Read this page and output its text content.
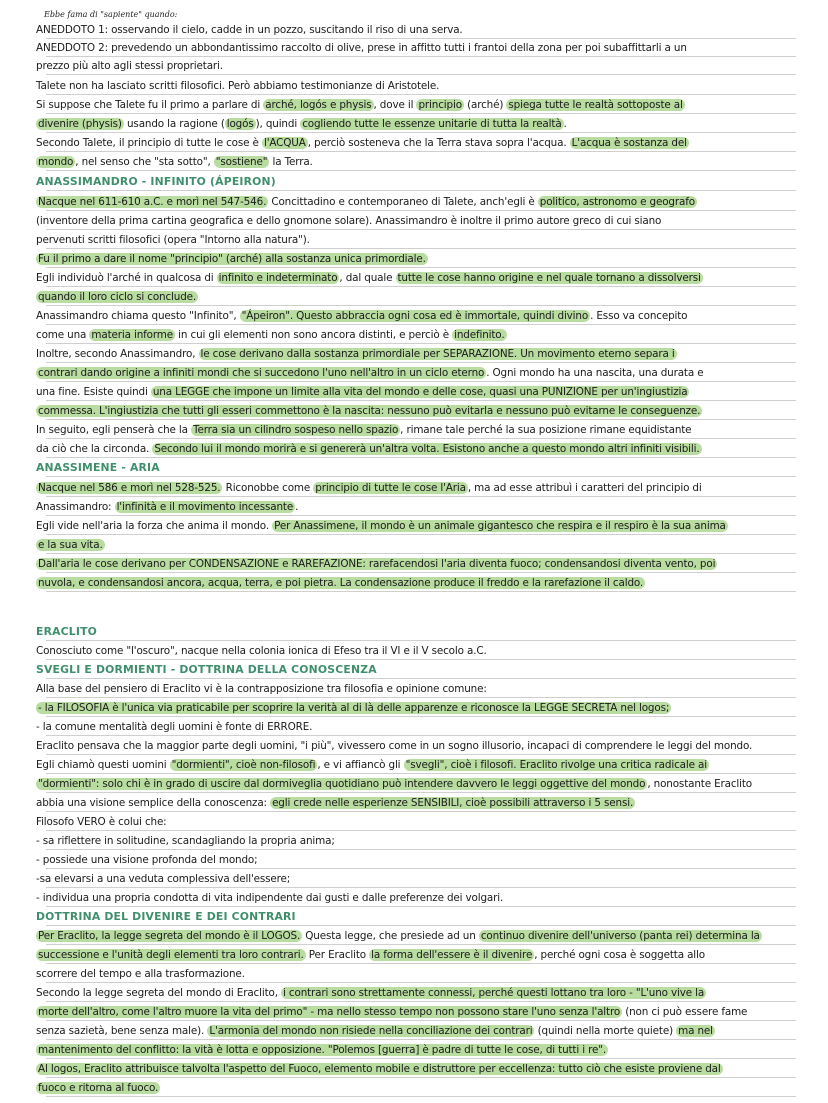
Ebbe fama di "sapiente" quando:
ANEDDOTO 1: osservando il cielo, cadde in un pozzo, suscitando il riso di una serva.
ANEDDOTO 2: prevedendo un abbondantissimo raccolto di olive, prese in affitto tutti i frantoi della zona per poi subaffittarli a un
prezzo più alto agli stessi proprietari.
Talete non ha lasciato scritti filosofici. Però abbiamo testimonianze di Aristotele.
Si suppose che Talete fu il primo a parlare di arché, logós e physis , dove il principio (arché) spiega tutte le realtà sottoposte al
divenire (physis) usando la ragione ( logós ), quindi cogliendo tutte le essenze unitarie di tutta la realtà .
Secondo Talete, il principio di tutte le cose è l'ACQUA , perciò sosteneva che la Terra stava sopra l'acqua. L'acqua è sostanza del
mondo , nel senso che "sta sotto", "sostiene" la Terra.
ANASSIMANDRO - INFINITO (ÁPEIRON)
Nacque nel 611-610 a.C. e morì nel 547-546. Concittadino e contemporaneo di Talete, anch'egli è politico, astronomo e geografo
(inventore della prima cartina geografica e dello gnomone solare). Anassimandro è inoltre il primo autore greco di cui siano
pervenuti scritti filosofici (opera "Intorno alla natura").
Fu il primo a dare il nome "principio" (arché) alla sostanza unica primordiale.
Egli individuò l'arché in qualcosa di infinito e indeterminato , dal quale tutte le cose hanno origine e nel quale tornano a dissolversi
quando il loro ciclo si conclude.
Anassimandro chiama questo "Infinito", "Ápeiron". Questo abbraccia ogni cosa ed è immortale, quindi divino . Esso va concepito
come una materia informe in cui gli elementi non sono ancora distinti, e perciò è indefinito.
Inoltre, secondo Anassimandro, le cose derivano dalla sostanza primordiale per SEPARAZIONE. Un movimento eterno separa i
contrari dando origine a infiniti mondi che si succedono l'uno nell'altro in un ciclo eterno . Ogni mondo ha una nascita, una durata e
una fine. Esiste quindi una LEGGE che impone un limite alla vita del mondo e delle cose, quasi una PUNIZIONE per un'ingiustizia
commessa. L'ingiustizia che tutti gli esseri commettono è la nascita: nessuno può evitarla e nessuno può evitarne le conseguenze.
In seguito, egli penserà che la Terra sia un cilindro sospeso nello spazio , rimane tale perché la sua posizione rimane equidistante
da ciò che la circonda. Secondo lui il mondo morirà e si genererà un'altra volta. Esistono anche a questo mondo altri infiniti visibili.
ANASSIMENE - ARIA
Nacque nel 586 e morì nel 528-525. Riconobbe come principio di tutte le cose l'Aria , ma ad esse attribuì i caratteri del principio di
Anassimandro: l'infinità e il movimento incessante .
Egli vide nell'aria la forza che anima il mondo. Per Anassimene, il mondo è un animale gigantesco che respira e il respiro è la sua anima
e la sua vita.
Dall'aria le cose derivano per CONDENSAZIONE e RAREFAZIONE: rarefacendosi l'aria diventa fuoco; condensandosi diventa vento, poi
nuvola, e condensandosi ancora, acqua, terra, e poi pietra. La condensazione produce il freddo e la rarefazione il caldo.
ERACLITO
Conosciuto come "l'oscuro", nacque nella colonia ionica di Efeso tra il VI e il V secolo a.C.
SVEGLI E DORMIENTI - DOTTRINA DELLA CONOSCENZA
Alla base del pensiero di Eraclito vi è la contrapposizione tra filosofia e opinione comune:
- la FILOSOFIA è l'unica via praticabile per scoprire la verità al di là delle apparenze e riconosce la LEGGE SECRETA nel logos;
- la comune mentalità degli uomini è fonte di ERRORE.
Eraclito pensava che la maggior parte degli uomini, "i più", vivessero come in un sogno illusorio, incapaci di comprendere le leggi del mondo.
Egli chiamò questi uomini "dormienti", cioè non-filosofi , e vi affiancò gli "svegli", cioè i filosofi. Eraclito rivolge una critica radicale ai
"dormienti": solo chi è in grado di uscire dal dormiveglia quotidiano può intendere davvero le leggi oggettive del mondo , nonostante Eraclito
abbia una visione semplice della conoscenza: egli crede nelle esperienze SENSIBILI, cioè possibili attraverso i 5 sensi.
Filosofo VERO è colui che:
- sa riflettere in solitudine, scandagliando la propria anima;
- possiede una visione profonda del mondo;
-sa elevarsi a una veduta complessiva dell'essere;
- individua una propria condotta di vita indipendente dai gusti e dalle preferenze dei volgari.
DOTTRINA DEL DIVENIRE E DEI CONTRARI
Per Eraclito, la legge segreta del mondo è il LOGOS. Questa legge, che presiede ad un continuo divenire dell'universo (panta rei) determina la
successione e l'unità degli elementi tra loro contrari. Per Eraclito la forma dell'essere è il divenire , perché ogni cosa è soggetta allo
scorrere del tempo e alla trasformazione.
Secondo la legge segreta del mondo di Eraclito, i contrari sono strettamente connessi, perché questi lottano tra loro - "L'uno vive la
morte dell'altro, come l'altro muore la vita del primo" - ma nello stesso tempo non possono stare l'uno senza l'altro (non ci può essere fame
senza sazietà, bene senza male). L'armonia del mondo non risiede nella conciliazione dei contrari (quindi nella morte quiete) ma nel
mantenimento del conflitto: la vità è lotta e opposizione. "Polemos [guerra] è padre di tutte le cose, di tutti i re".
Al logos, Eraclito attribuisce talvolta l'aspetto del Fuoco, elemento mobile e distruttore per eccellenza: tutto ciò che esiste proviene dal
fuoco e ritorna al fuoco.
